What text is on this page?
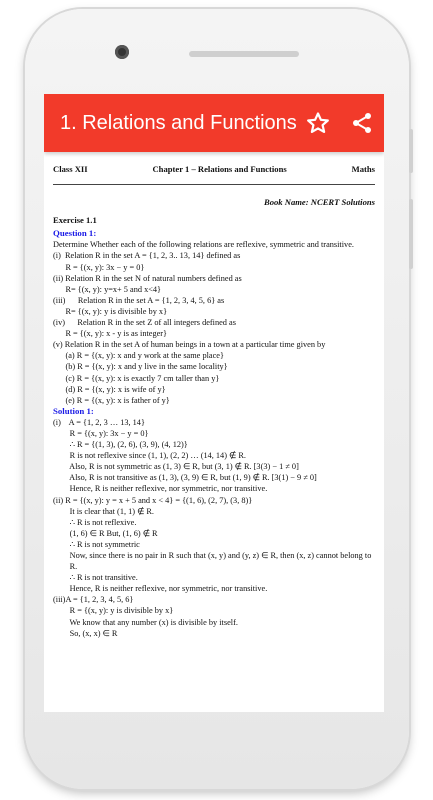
1. Relations and Functions
Class XII	Chapter 1 – Relations and Functions	Maths
Book Name: NCERT Solutions
Exercise 1.1
Question 1:
Determine Whether each of the following relations are reflexive, symmetric and transitive.
(i)  Relation R in the set A = {1, 2, 3.. 13, 14} defined as
R = {(x, y): 3x − y = 0}
(ii) Relation R in the set N of natural numbers defined as
R= {(x, y): y=x+ 5 and x<4}
(iii)      Relation R in the set A = {1, 2, 3, 4, 5, 6} as
R= {(x, y): y is divisible by x}
(iv)      Relation R in the set Z of all integers defined as
R = {(x, y): x - y is as integer}
(v) Relation R in the set A of human beings in a town at a particular time given by
(a) R = {(x, y): x and y work at the same place}
(b) R = {(x, y): x and y live in the same locality}
(c) R = {(x, y): x is exactly 7 cm taller than y}
(d) R = {(x, y): x is wife of y}
(e) R = {(x, y): x is father of y}
Solution 1:
(i)    A = {1, 2, 3 … 13, 14}
R = {(x, y): 3x − y = 0}
∴ R = {(1, 3), (2, 6), (3, 9), (4, 12)}
R is not reflexive since (1, 1), (2, 2) … (14, 14) ∉ R.
Also, R is not symmetric as (1, 3) ∈ R, but (3, 1) ∉ R. [3(3) − 1 ≠ 0]
Also, R is not transitive as (1, 3), (3, 9) ∈ R, but (1, 9) ∉ R. [3(1) − 9 ≠ 0]
Hence, R is neither reflexive, nor symmetric, nor transitive.
(ii) R = {(x, y): y = x + 5 and x < 4} = {(1, 6), (2, 7), (3, 8)}
It is clear that (1, 1) ∉ R.
∴ R is not reflexive.
(1, 6) ∈ R But, (1, 6) ∉ R
∴ R is not symmetric
Now, since there is no pair in R such that (x, y) and (y, z) ∈ R, then (x, z) cannot belong to
R.
∴ R is not transitive.
Hence, R is neither reflexive, nor symmetric, nor transitive.
(iii)A = {1, 2, 3, 4, 5, 6}
R = {(x, y): y is divisible by x}
We know that any number (x) is divisible by itself.
So, (x, x) ∈ R
